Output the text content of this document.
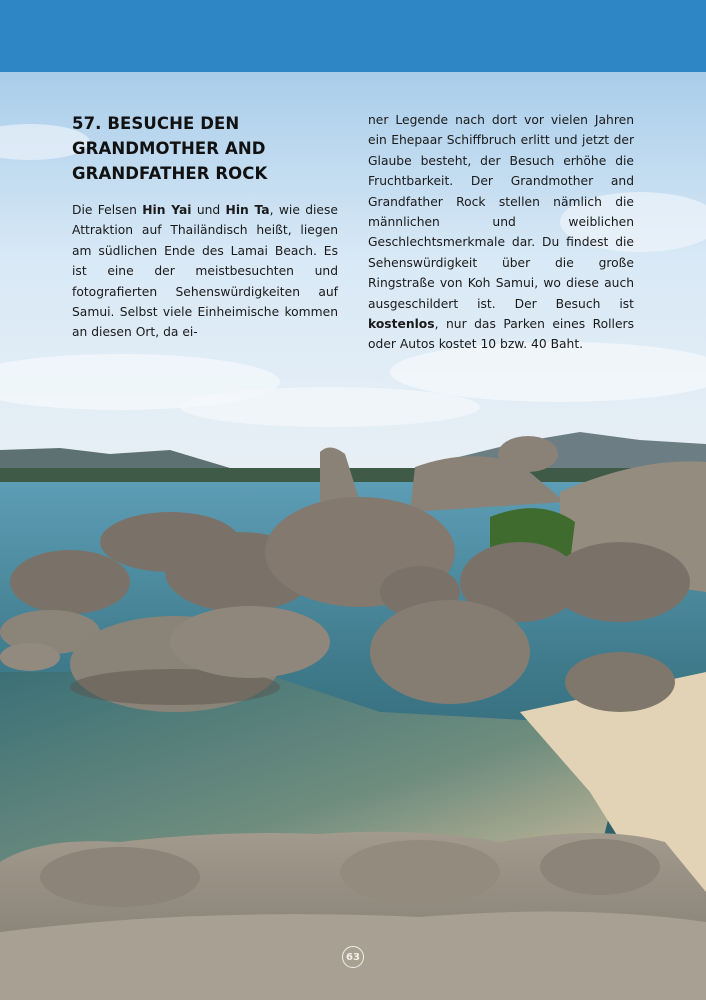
57. BESUCHE DEN GRANDMOTHER AND GRANDFATHER ROCK

Die Felsen Hin Yai und Hin Ta, wie diese Attraktion auf Thailändisch heißt, liegen am südlichen Ende des Lamai Beach. Es ist eine der meistbesuchten und fotografierten Sehenswürdigkeiten auf Samui. Selbst viele Einheimische kommen an diesen Ort, da ei-

ner Legende nach dort vor vielen Jahren ein Ehepaar Schiffbruch erlitt und jetzt der Glaube besteht, der Besuch erhöhe die Fruchtbarkeit. Der Grandmother and Grandfather Rock stellen nämlich die männlichen und weiblichen Geschlechtsmerkmale dar. Du findest die Sehenswürdigkeit über die große Ringstraße von Koh Samui, wo diese auch ausgeschildert ist. Der Besuch ist kostenlos, nur das Parken eines Rollers oder Autos kostet 10 bzw. 40 Baht.

63
